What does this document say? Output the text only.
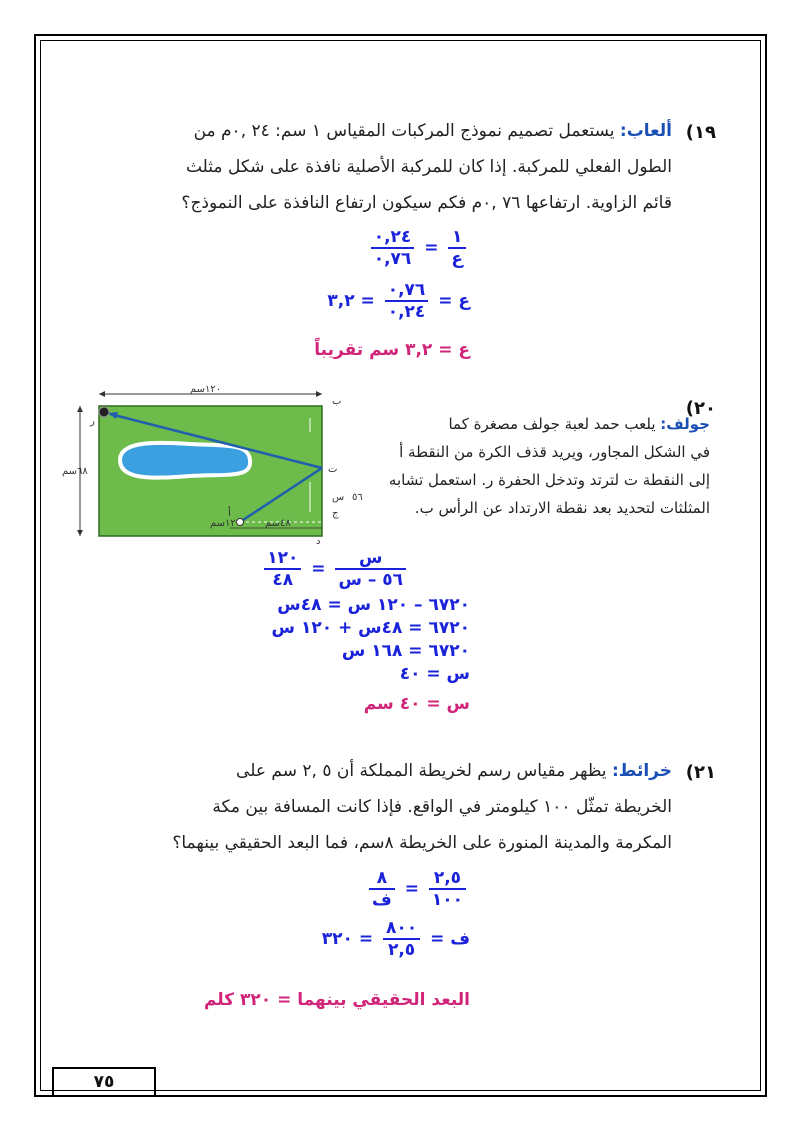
١٩)
ألعاب : يستعمل تصميم نموذج المركبات المقياس ١ سم: ٢٤ ,٠م من
الطول الفعلي للمركبة. إذا كان للمركبة الأصلية نافذة على شكل مثلث
قائم الزاوية. ارتفاعها ٧٦ ,٠م فكم سيكون ارتفاع النافذة على النموذج؟
$\frac{١}{\text{ع}}$
=
$\frac{٠,٢٤}{٠,٧٦}$
ع =
$\frac{٠,٧٦}{٠,٢٤}$
= ٣,٢
ع = ٣,٢ سم تقريباً
٢٠)
جولف : يلعب حمد لعبة جولف مصغرة كما
في الشكل المجاور، ويريد قذف الكرة من النقطة أ
إلى النقطة ت لترتد وتدخل الحفرة ر. استعمل تشابه
المثلثات لتحديد بعد نقطة الارتداد عن الرأس ب.
١٢٠سم
٦٨سم
٤٨سم
١٢سم
ب
ت
س ٥٦
ج
د
أ
ر
$\frac{\text{س}}{\text{٥٦ – س}}$
=
$\frac{١٢٠}{٤٨}$
٦٧٢٠ – ١٢٠ س = ٤٨س
٦٧٢٠ = ٤٨س + ١٢٠ س
٦٧٢٠ = ١٦٨ س
س = ٤٠
س = ٤٠ سم
٢١)
خرائط : يظهر مقياس رسم لخريطة المملكة أن ٥ ,٢ سم على
الخريطة تمثّل ١٠٠ كيلومتر في الواقع. فإذا كانت المسافة بين مكة
المكرمة والمدينة المنورة على الخريطة ٨سم، فما البعد الحقيقي بينهما؟
$\frac{٢,٥}{١٠٠}$
=
$\frac{٨}{\text{ف}}$
ف =
$\frac{٨٠٠}{٢,٥}$
= ٣٢٠
البعد الحقيقي بينهما = ٣٢٠ كلم
٧٥
